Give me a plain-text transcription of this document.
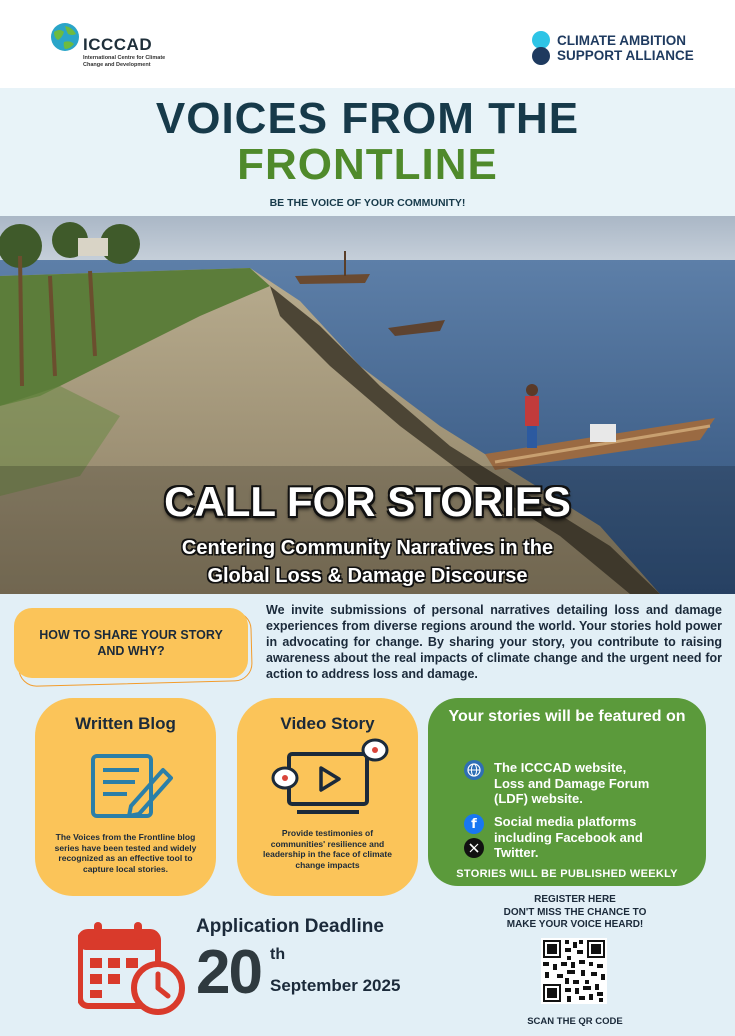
ICCCAD
International Centre for Climate Change and Development
CLIMATE AMBITION
SUPPORT ALLIANCE
VOICES FROM THE
FRONTLINE
BE THE VOICE OF YOUR COMMUNITY!
CALL FOR STORIES
Centering Community Narratives in the
Global Loss & Damage Discourse
HOW TO SHARE YOUR STORY AND WHY?
We invite submissions of personal narratives detailing loss and damage experiences from diverse regions around the world. Your stories hold power in advocating for change. By sharing your story, you contribute to raising awareness about the real impacts of climate change and the urgent need for action to address loss and damage.
Written Blog
The Voices from the Frontline blog series have been tested and widely recognized as an effective tool to capture local stories.
Video Story
Provide testimonies of communities' resilience and leadership in the face of climate change impacts
Your stories will be featured on
The ICCCAD website,
Loss and Damage Forum
(LDF) website.
f Social media platforms
including Facebook and
Twitter.
STORIES WILL BE PUBLISHED WEEKLY
Application Deadline
20 th
September 2025
REGISTER HERE
DON'T MISS THE CHANCE TO
MAKE YOUR VOICE HEARD!
SCAN THE QR CODE
